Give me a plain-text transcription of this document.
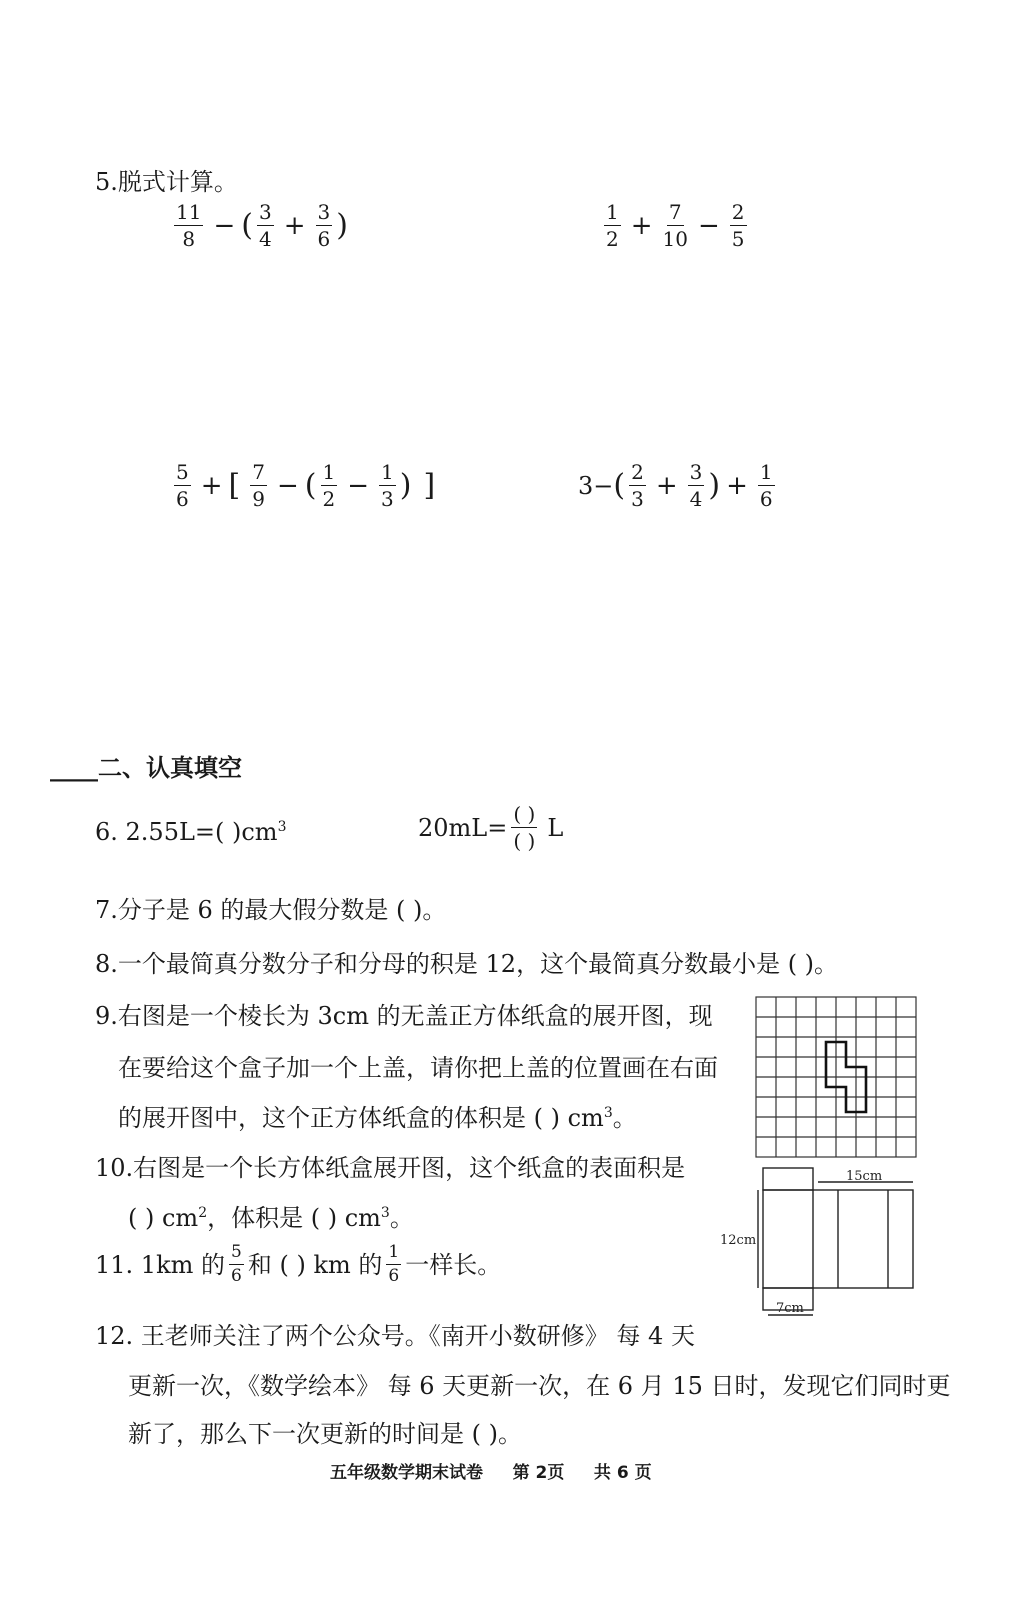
5.脱式计算。
$\frac{11}{8}$ − ( $\frac{3}{4} + \frac{3}{6}$ )	$\frac{1}{2} + \frac{7}{10} - \frac{2}{5}$
$\frac{5}{6}$ + [ $\frac{7}{9}$ − ( $\frac{1}{2} - \frac{1}{3}$ ) ]	3− ( $\frac{2}{3} + \frac{3}{4}$ ) + $\frac{1}{6}$
____二、认真填空
6. 2.55L=( )$cm^3$	$20mL= \frac{( )}{( )}$ L
7.分子是 6 的最大假分数是 ( )。
8.一个最简真分数分子和分母的积是 12，这个最简真分数最小是 ( )。
9.右图是一个棱长为 3cm 的无盖正方体纸盒的展开图，现
在要给这个盒子加一个上盖，请你把上盖的位置画在右面
的展开图中，这个正方体纸盒的体积是 ( ) $cm^3$。
10.右图是一个长方体纸盒展开图，这个纸盒的表面积是
( ) $cm^2$，体积是 ( ) $cm^3$。
15cm
12cm
7cm
11. 1km 的 $\frac{5}{6}$ 和 ( ) km 的 $\frac{1}{6}$ 一样长。
12. 王老师关注了两个公众号。《南开小数研修》 每 4 天
更新一次，《数学绘本》 每 6 天更新一次，在 6 月 15 日时，发现它们同时更
新了，那么下一次更新的时间是 ( )。
五年级数学期末试卷     第 2页     共 6 页
